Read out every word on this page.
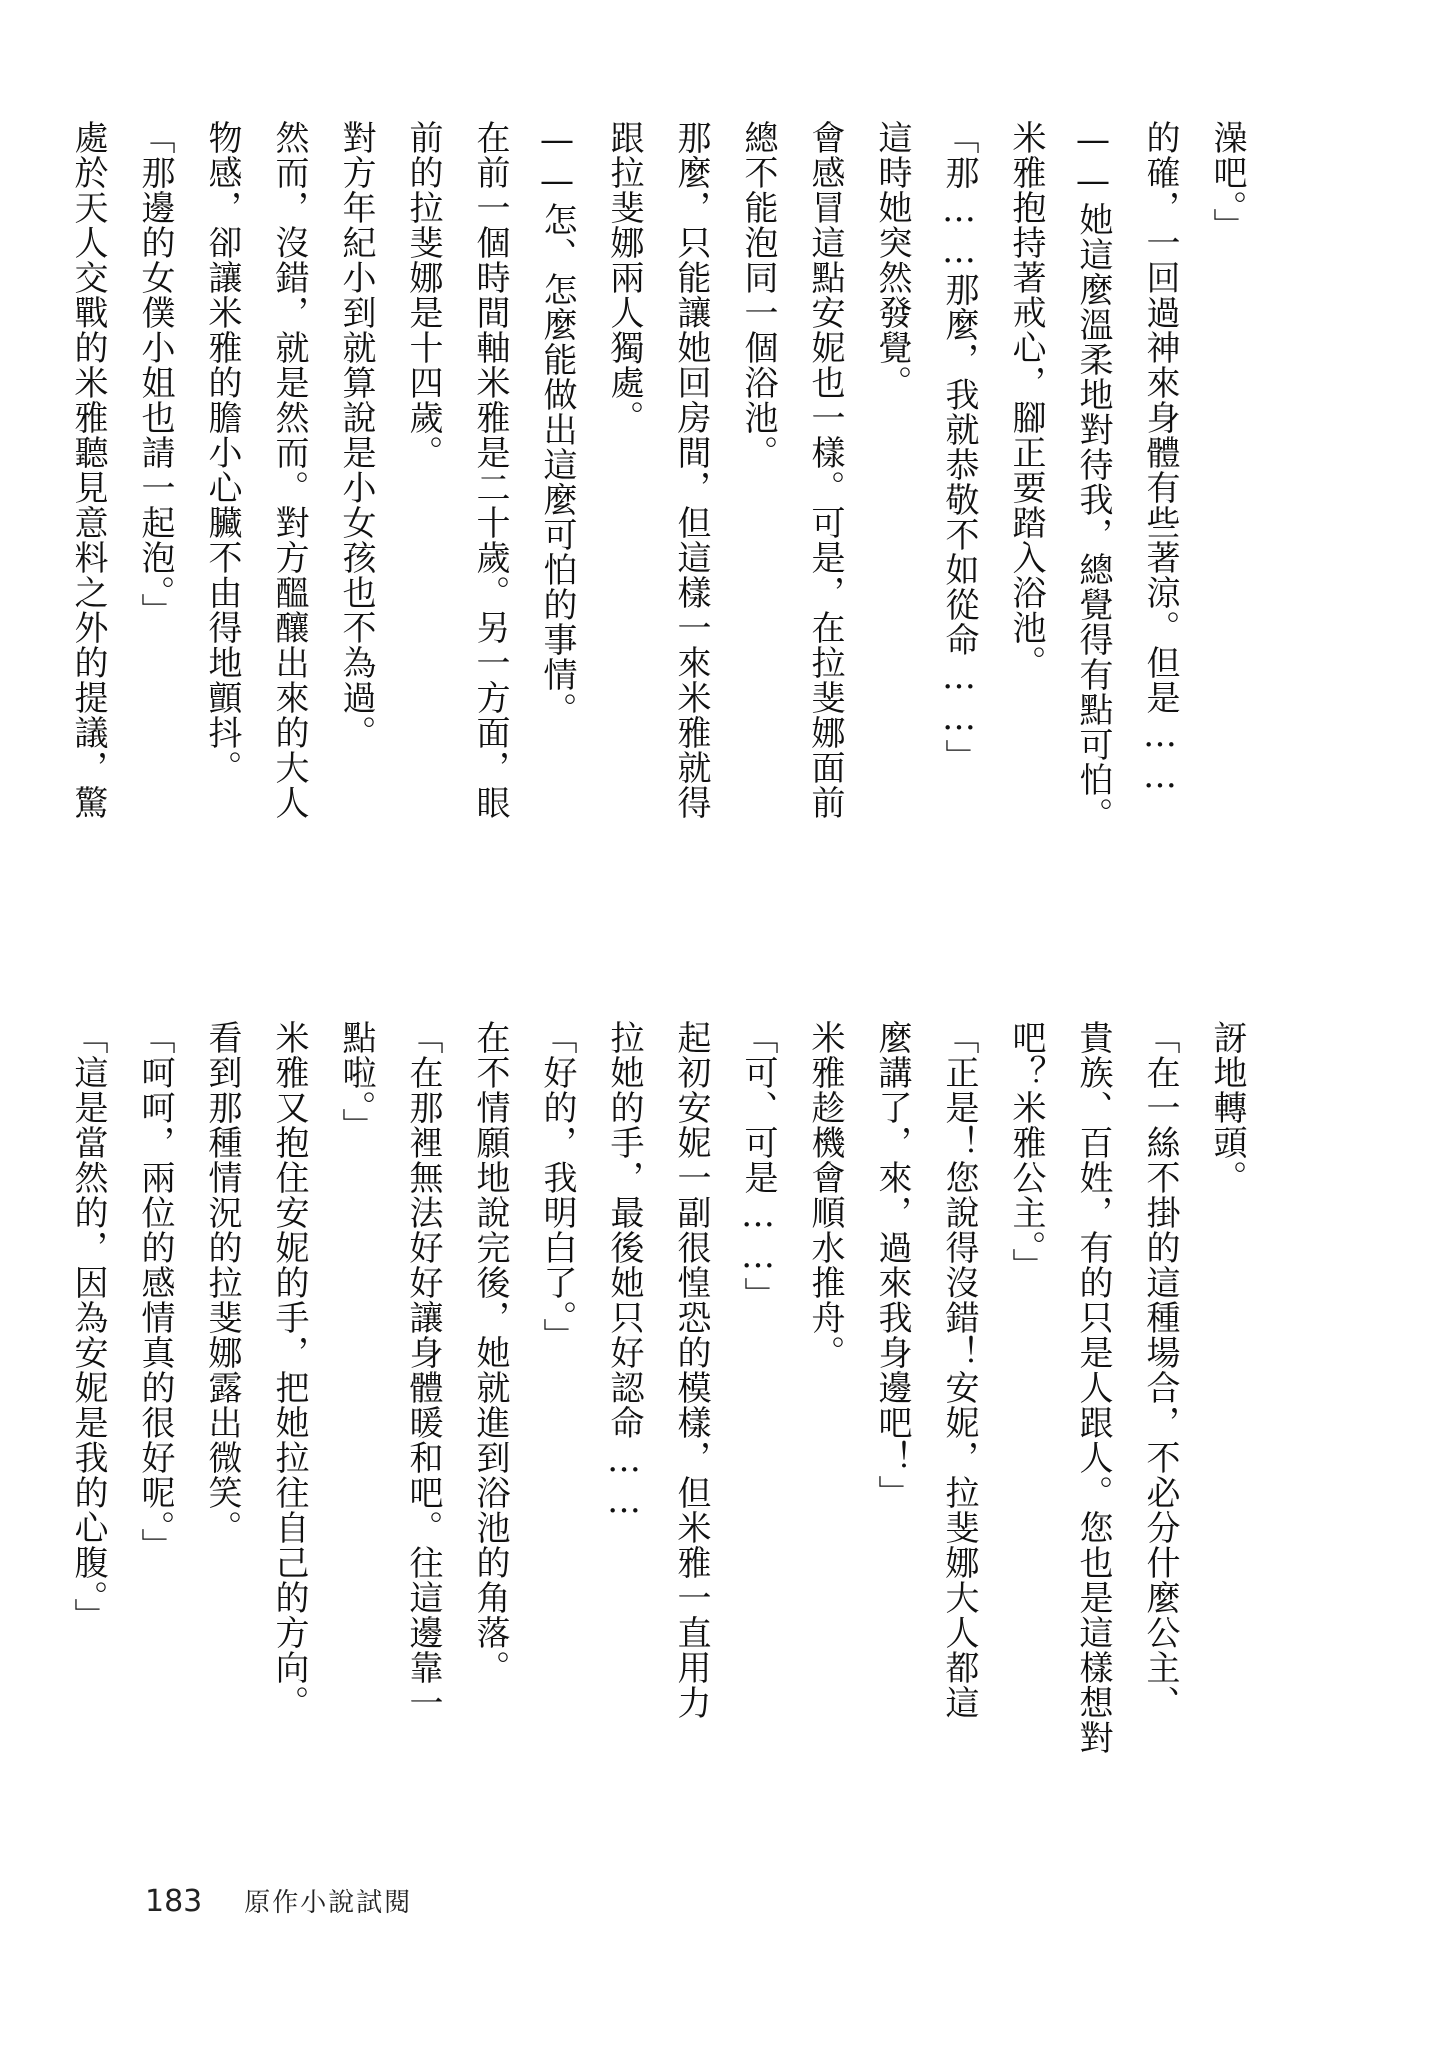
澡吧。」

的確，一回過神來身體有些著涼。但是……

——她這麼溫柔地對待我，總覺得有點可怕。

米雅抱持著戒心，腳正要踏入浴池。

「那……那麼，我就恭敬不如從命……」

這時她突然發覺。

會感冒這點安妮也一樣。可是，在拉斐娜面前

總不能泡同一個浴池。

那麼，只能讓她回房間，但這樣一來米雅就得

跟拉斐娜兩人獨處。

——怎、怎麼能做出這麼可怕的事情。

在前一個時間軸米雅是二十歲。另一方面，眼

前的拉斐娜是十四歲。

對方年紀小到就算說是小女孩也不為過。

然而，沒錯，就是然而。對方醞釀出來的大人

物感，卻讓米雅的膽小心臟不由得地顫抖。

「那邊的女僕小姐也請一起泡。」

處於天人交戰的米雅聽見意料之外的提議，驚

訝地轉頭。

「在一絲不掛的這種場合，不必分什麼公主、

貴族、百姓，有的只是人跟人。您也是這樣想對

吧？米雅公主。」

「正是！您說得沒錯！安妮，拉斐娜大人都這

麼講了，來，過來我身邊吧！」

米雅趁機會順水推舟。

「可、可是……」

起初安妮一副很惶恐的模樣，但米雅一直用力

拉她的手，最後她只好認命……

「好的，我明白了。」

在不情願地說完後，她就進到浴池的角落。

「在那裡無法好好讓身體暖和吧。往這邊靠一

點啦。」

米雅又抱住安妮的手，把她拉往自己的方向。

看到那種情況的拉斐娜露出微笑。

「呵呵，兩位的感情真的很好呢。」

「這是當然的，因為安妮是我的心腹。」

183 原作小說試閱
